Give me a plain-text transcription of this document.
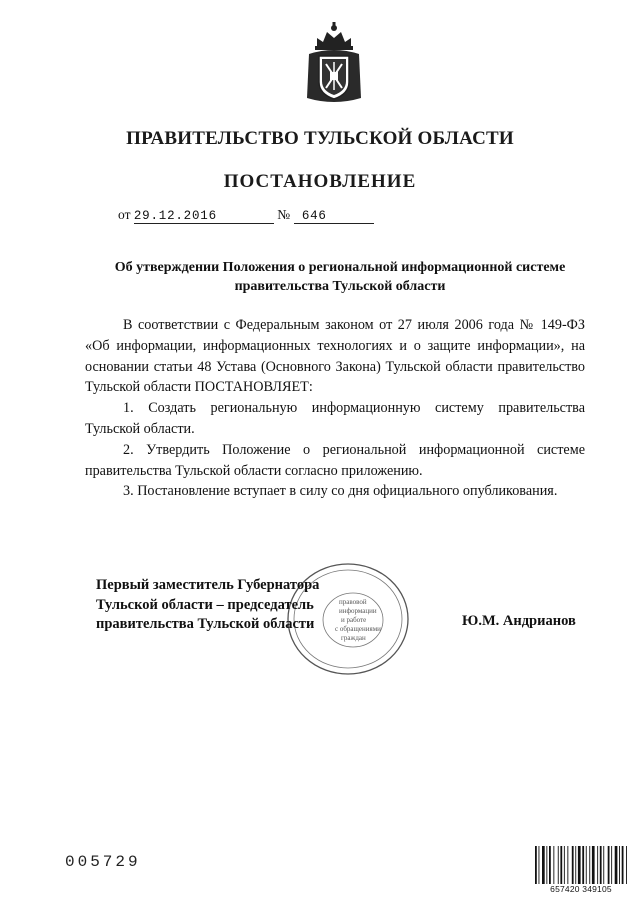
ПРАВИТЕЛЬСТВО ТУЛЬСКОЙ ОБЛАСТИ
ПОСТАНОВЛЕНИЕ
от 29.12.2016	№ 646
Об утверждении Положения о региональной информационной системе
правительства Тульской области

В соответствии с Федеральным законом от 27 июля 2006 года № 149-ФЗ «Об информации, информационных технологиях и о защите информации», на основании статьи 48 Устава (Основного Закона) Тульской области правительство Тульской области ПОСТАНОВЛЯЕТ:

1. Создать региональную информационную систему правительства Тульской области.

2. Утвердить Положение о региональной информационной системе правительства Тульской области согласно приложению.

3. Постановление вступает в силу со дня официального опубликования.

правовой
информации
и работе
с обращениями
граждан
Первый заместитель Губернатора
Тульской области – председатель
правительства Тульской области	Ю.М. Андрианов
005729
657420 349105
